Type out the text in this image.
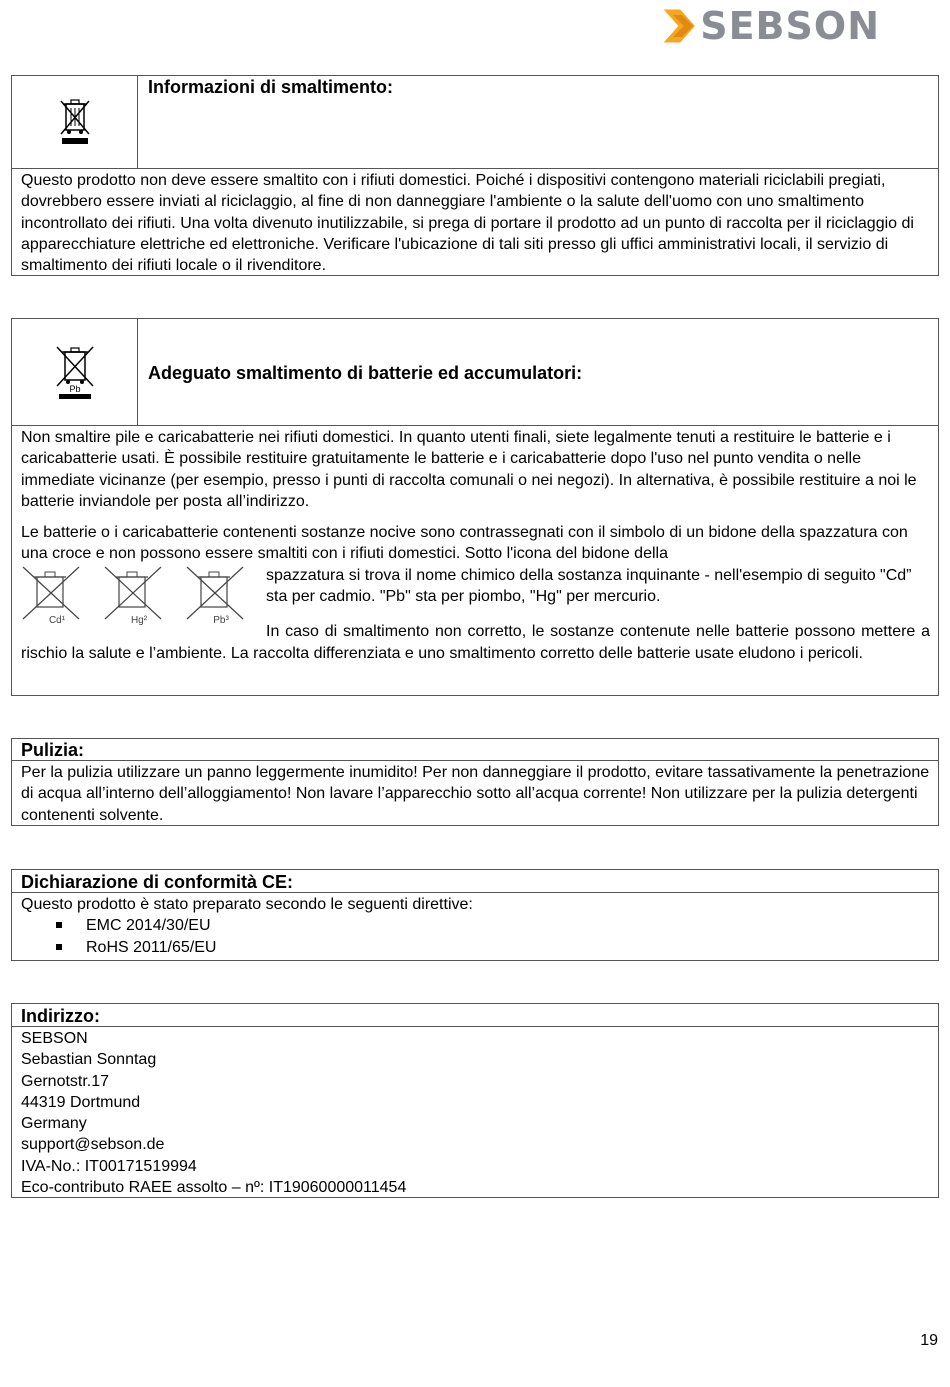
SEBSON
Informazioni di smaltimento:

Questo prodotto non deve essere smaltito con i rifiuti domestici. Poiché i dispositivi contengono materiali riciclabili pregiati, dovrebbero essere inviati al riciclaggio, al fine di non danneggiare l'ambiente o la salute dell'uomo con uno smaltimento incontrollato dei rifiuti. Una volta divenuto inutilizzabile, si prega di portare il prodotto ad un punto di raccolta per il riciclaggio di apparecchiature elettriche ed elettroniche. Verificare l'ubicazione di tali siti presso gli uffici amministrativi locali, il servizio di smaltimento dei rifiuti locale o il rivenditore.

Pb
Adeguato smaltimento di batterie ed accumulatori:

Non smaltire pile e caricabatterie nei rifiuti domestici. In quanto utenti finali, siete legalmente tenuti a restituire le batterie e i caricabatterie usati. È possibile restituire gratuitamente le batterie e i caricabatterie dopo l'uso nel punto vendita o nelle immediate vicinanze (per esempio, presso i punti di raccolta comunali o nei negozi). In alternativa, è possibile restituire a noi le batterie inviandole per posta all’indirizzo.

Le batterie o i caricabatterie contenenti sostanze nocive sono contrassegnati con il simbolo di un bidone della spazzatura con una croce e non possono essere smaltiti con i rifiuti domestici. Sotto l'icona del bidone della

Cd¹	Hg²	Pb³

spazzatura si trova il nome chimico della sostanza inquinante - nell'esempio di seguito "Cd” sta per cadmio. "Pb" sta per piombo, "Hg" per mercurio.

In caso di smaltimento non corretto, le sostanze contenute nelle batterie possono mettere a rischio la salute e l’ambiente. La raccolta differenziata e uno smaltimento corretto delle batterie usate eludono i pericoli.

Pulizia:

Per la pulizia utilizzare un panno leggermente inumidito! Per non danneggiare il prodotto, evitare tassativamente la penetrazione di acqua all’interno dell’alloggiamento! Non lavare l’apparecchio sotto all’acqua corrente! Non utilizzare per la pulizia detergenti contenenti solvente.

Dichiarazione di conformità CE:

Questo prodotto è stato preparato secondo le seguenti direttive:

EMC 2014/30/EU
RoHS 2011/65/EU
Indirizzo:

SEBSON

Sebastian Sonntag

Gernotstr.17

44319 Dortmund

Germany

support@sebson.de

IVA-No.: IT00171519994

Eco-contributo RAEE assolto – nº: IT19060000011454

19
